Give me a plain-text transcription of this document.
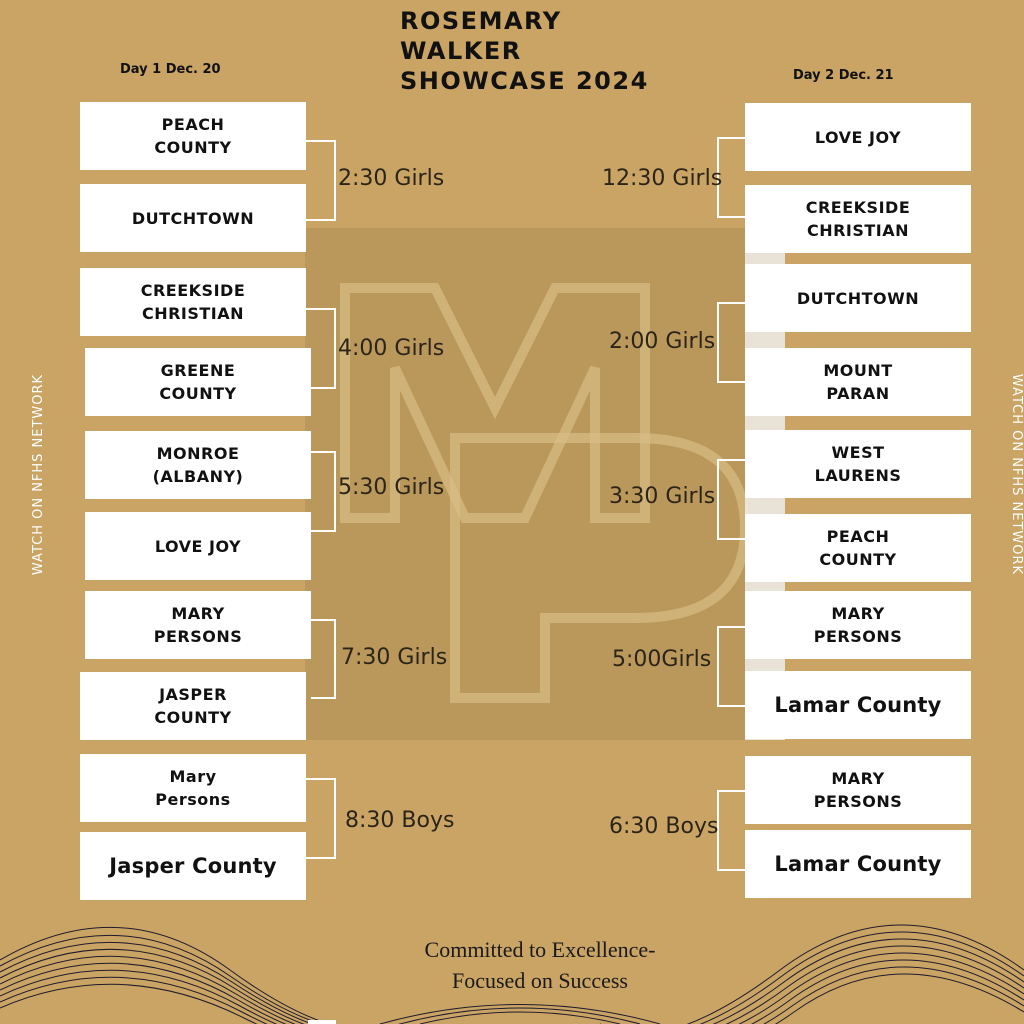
ROSEMARY
WALKER
SHOWCASE 2024
Day 1 Dec. 20	Day 2 Dec. 21
PEACH
COUNTY
DUTCHTOWN
CREEKSIDE
CHRISTIAN
GREENE
COUNTY
MONROE
(ALBANY)
LOVE JOY
MARY
PERSONS
JASPER
COUNTY
Mary
Persons
Jasper County
LOVE JOY
CREEKSIDE
CHRISTIAN
DUTCHTOWN
MOUNT
PARAN
WEST
LAURENS
PEACH
COUNTY
MARY
PERSONS
Lamar County
MARY
PERSONS
Lamar County
2:30 Girls
4:00 Girls
5:30 Girls
7:30 Girls
8:30 Boys
12:30 Girls
2:00 Girls
3:30 Girls
5:00Girls
6:30 Boys
WATCH ON NFHS NETWORK	WATCH ON NFHS NETWORK
Committed to Excellence-
Focused on Success
